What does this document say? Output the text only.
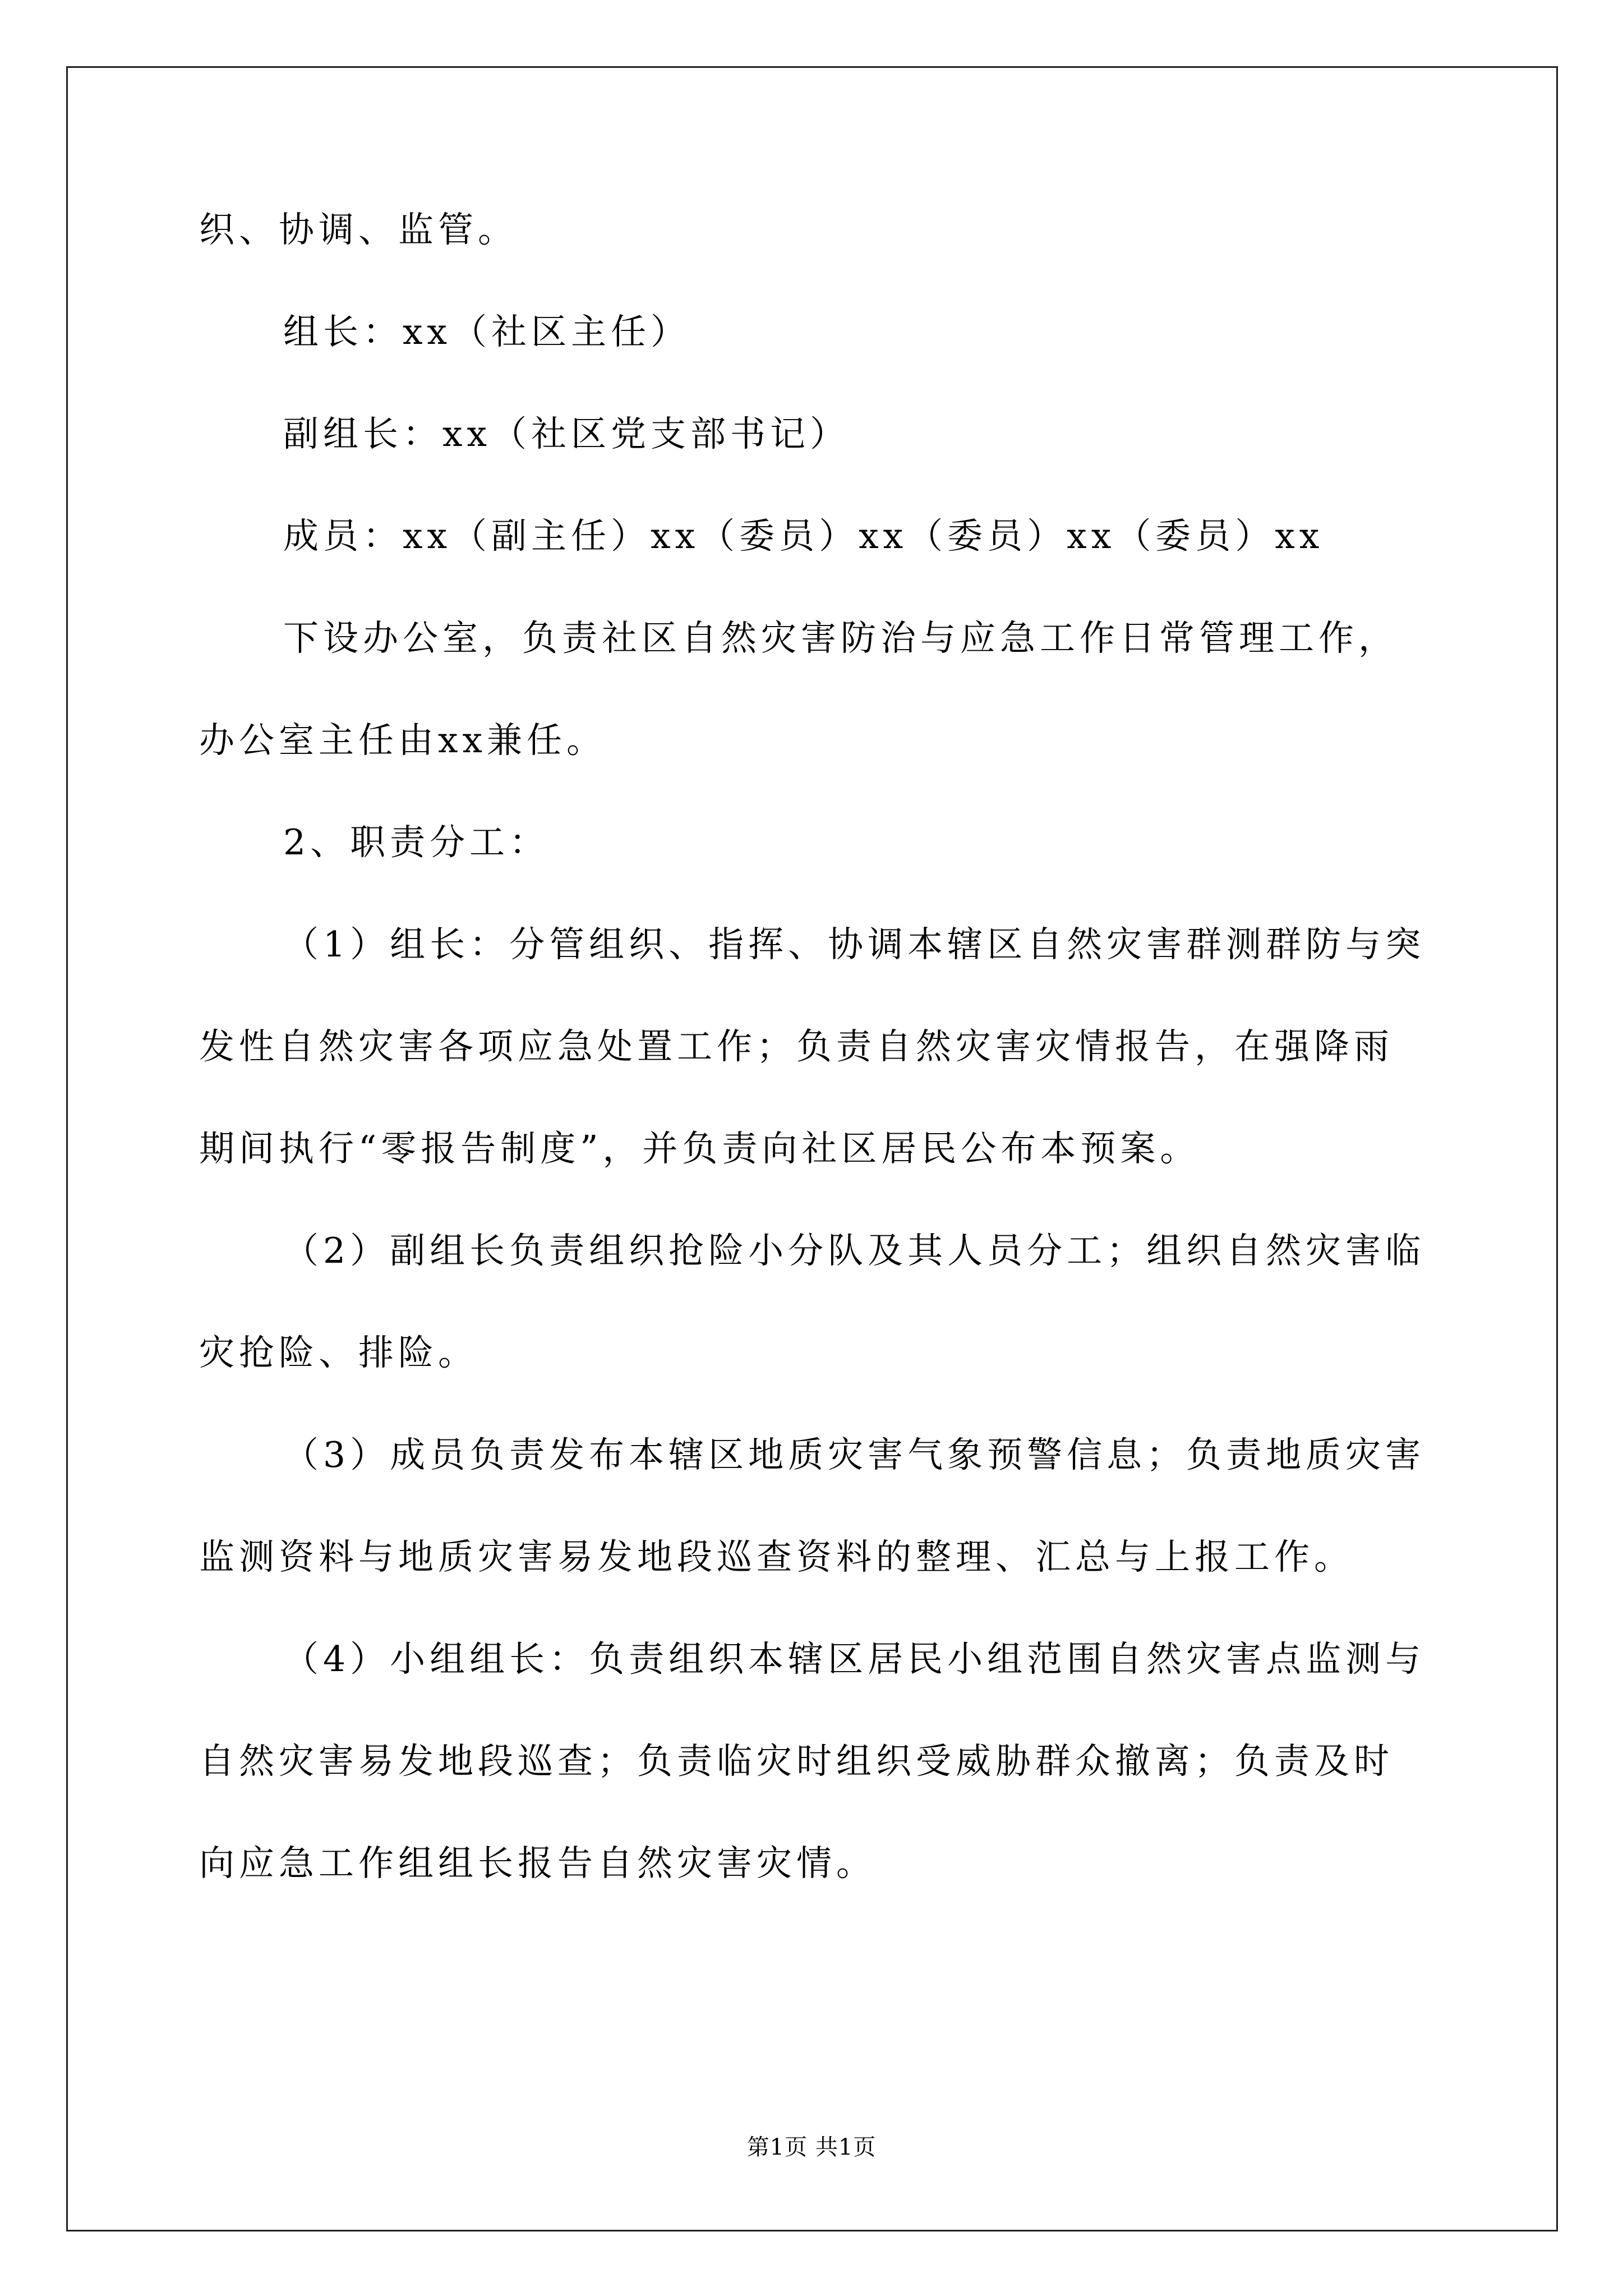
织、协调、监管。
组长：xx（社区主任）
副组长：xx（社区党支部书记）
成员：xx（副主任）xx（委员）xx（委员）xx（委员）xx
下设办公室，负责社区自然灾害防治与应急工作日常管理工作，
办公室主任由xx兼任。
2、职责分工：
（1）组长：分管组织、指挥、协调本辖区自然灾害群测群防与突
发性自然灾害各项应急处置工作；负责自然灾害灾情报告，在强降雨
期间执行“零报告制度”，并负责向社区居民公布本预案。
（2）副组长负责组织抢险小分队及其人员分工；组织自然灾害临
灾抢险、排险。
（3）成员负责发布本辖区地质灾害气象预警信息；负责地质灾害
监测资料与地质灾害易发地段巡查资料的整理、汇总与上报工作。
（4）小组组长：负责组织本辖区居民小组范围自然灾害点监测与
自然灾害易发地段巡查；负责临灾时组织受威胁群众撤离；负责及时
向应急工作组组长报告自然灾害灾情。
第1页 共1页
